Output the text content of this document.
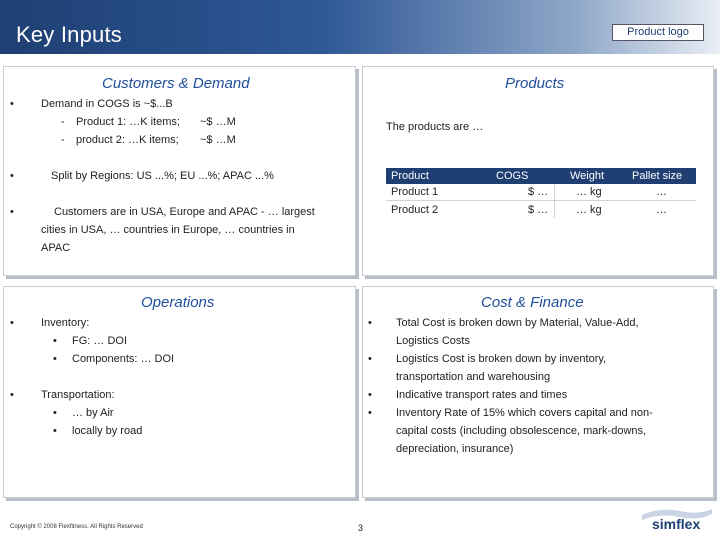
Key Inputs	Product logo
Customers & Demand
• Demand in COGS is ~$...B
- Product 1: …K items; ~$ …M
- product 2: …K items; ~$ …M
•	Split by Regions: US ...%; EU ...%; APAC ...%
•	Customers are in USA, Europe and APAC - … largest
cities in USA, … countries in Europe, … countries in
APAC
Products
The products are …
Product	COGS	Weight	Pallet size
Product 1	$ …	… kg	…
Product 2	$ …	… kg	…
Operations
• Inventory:
• FG: … DOI
• Components: … DOI
• Transportation:
• … by Air
• locally by road
Cost & Finance
• Total Cost is broken down by Material, Value-Add,
Logistics Costs
• Logistics Cost is broken down by inventory,
transportation and warehousing
• Indicative transport rates and times
• Inventory Rate of 15% which covers capital and non-
capital costs (including obsolescence, mark-downs,
depreciation, insurance)
Copyright © 2008 Flexfitness. All Rights Reserved	3	simflex
